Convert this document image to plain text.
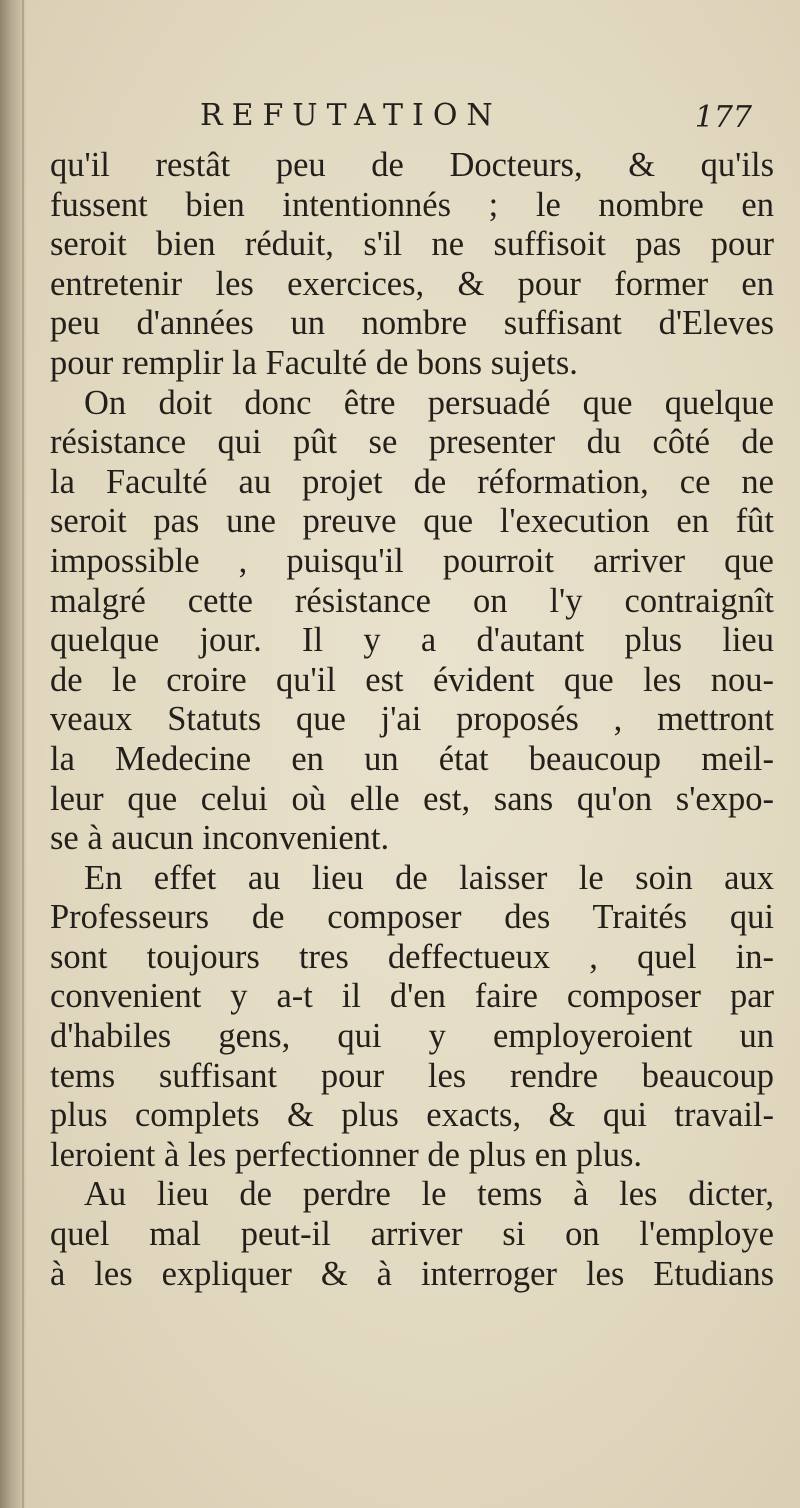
REFUTATION	177
qu'il restât peu de Docteurs, & qu'ils
fussent bien intentionnés ; le nombre en
seroit bien réduit, s'il ne suffisoit pas pour
entretenir les exercices, & pour former en
peu d'années un nombre suffisant d'Eleves
pour remplir la Faculté de bons sujets.
On doit donc être persuadé que quelque
résistance qui pût se presenter du côté de
la Faculté au projet de réformation, ce ne
seroit pas une preuve que l'execution en fût
impossible , puisqu'il pourroit arriver que
malgré cette résistance on l'y contraignît
quelque jour. Il y a d'autant plus lieu
de le croire qu'il est évident que les nou-
veaux Statuts que j'ai proposés , mettront
la Medecine en un état beaucoup meil-
leur que celui où elle est, sans qu'on s'expo-
se à aucun inconvenient.
En effet au lieu de laisser le soin aux
Professeurs de composer des Traités qui
sont toujours tres deffectueux , quel in-
convenient y a-t il d'en faire composer par
d'habiles gens, qui y employeroient un
tems suffisant pour les rendre beaucoup
plus complets & plus exacts, & qui travail-
leroient à les perfectionner de plus en plus.
Au lieu de perdre le tems à les dicter,
quel mal peut-il arriver si on l'employe
à les expliquer & à interroger les Etudians
